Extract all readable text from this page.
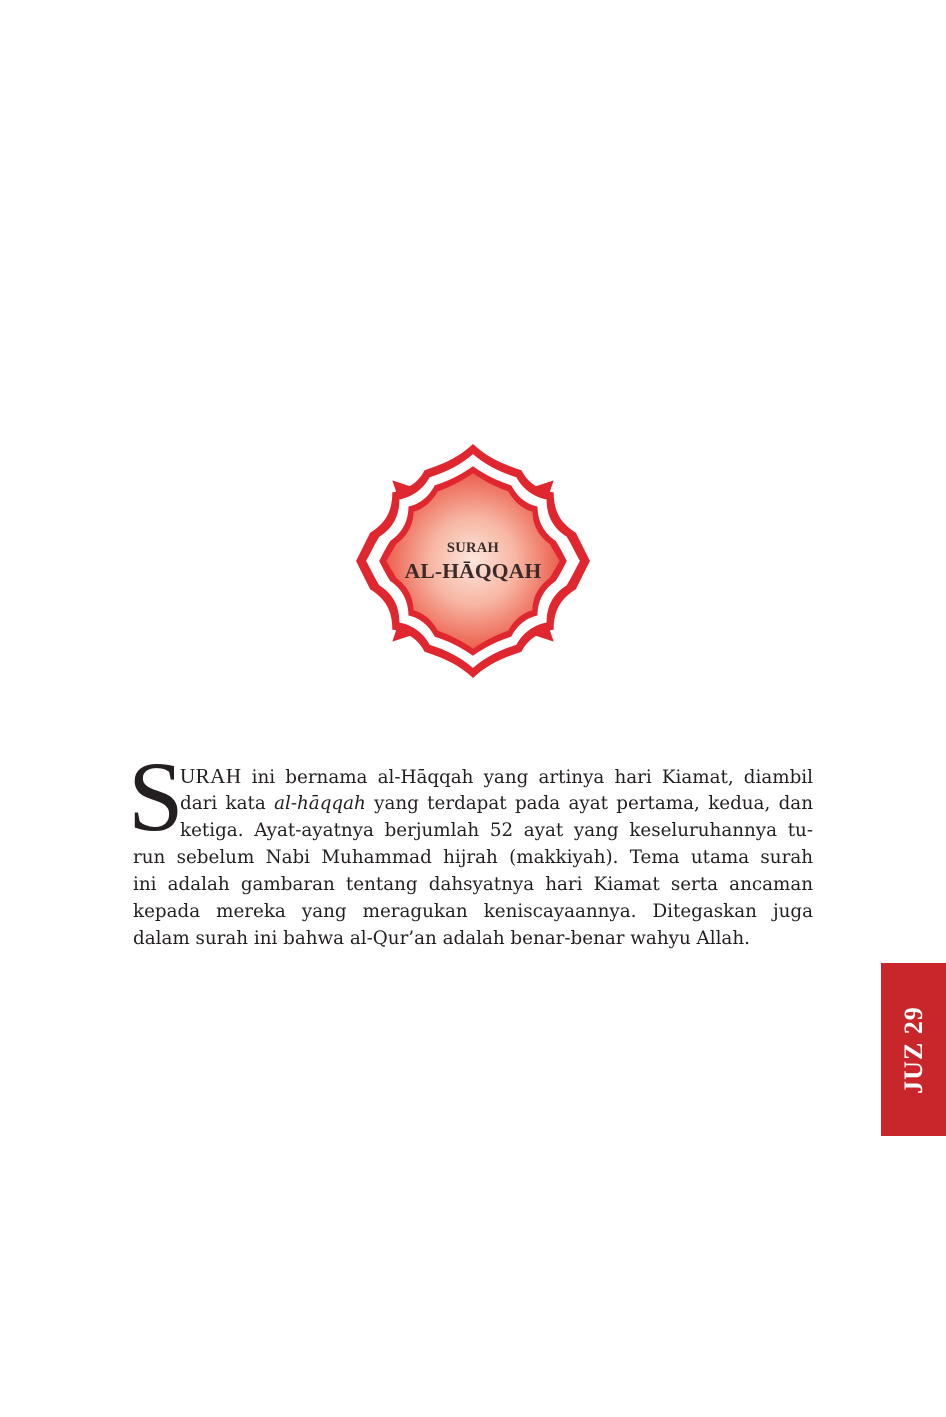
SURAH
AL-HĀQQAH
S
URAH ini bernama al-Hāqqah yang artinya hari Kiamat, diambil
dari kata al-hāqqah yang terdapat pada ayat pertama, kedua, dan
ketiga. Ayat-ayatnya berjumlah 52 ayat yang keseluruhannya tu-
run sebelum Nabi Muhammad hijrah (makkiyah). Tema utama surah
ini adalah gambaran tentang dahsyatnya hari Kiamat serta ancaman
kepada mereka yang meragukan keniscayaannya. Ditegaskan juga
dalam surah ini bahwa al-Qur’an adalah benar-benar wahyu Allah.
JUZ 29
